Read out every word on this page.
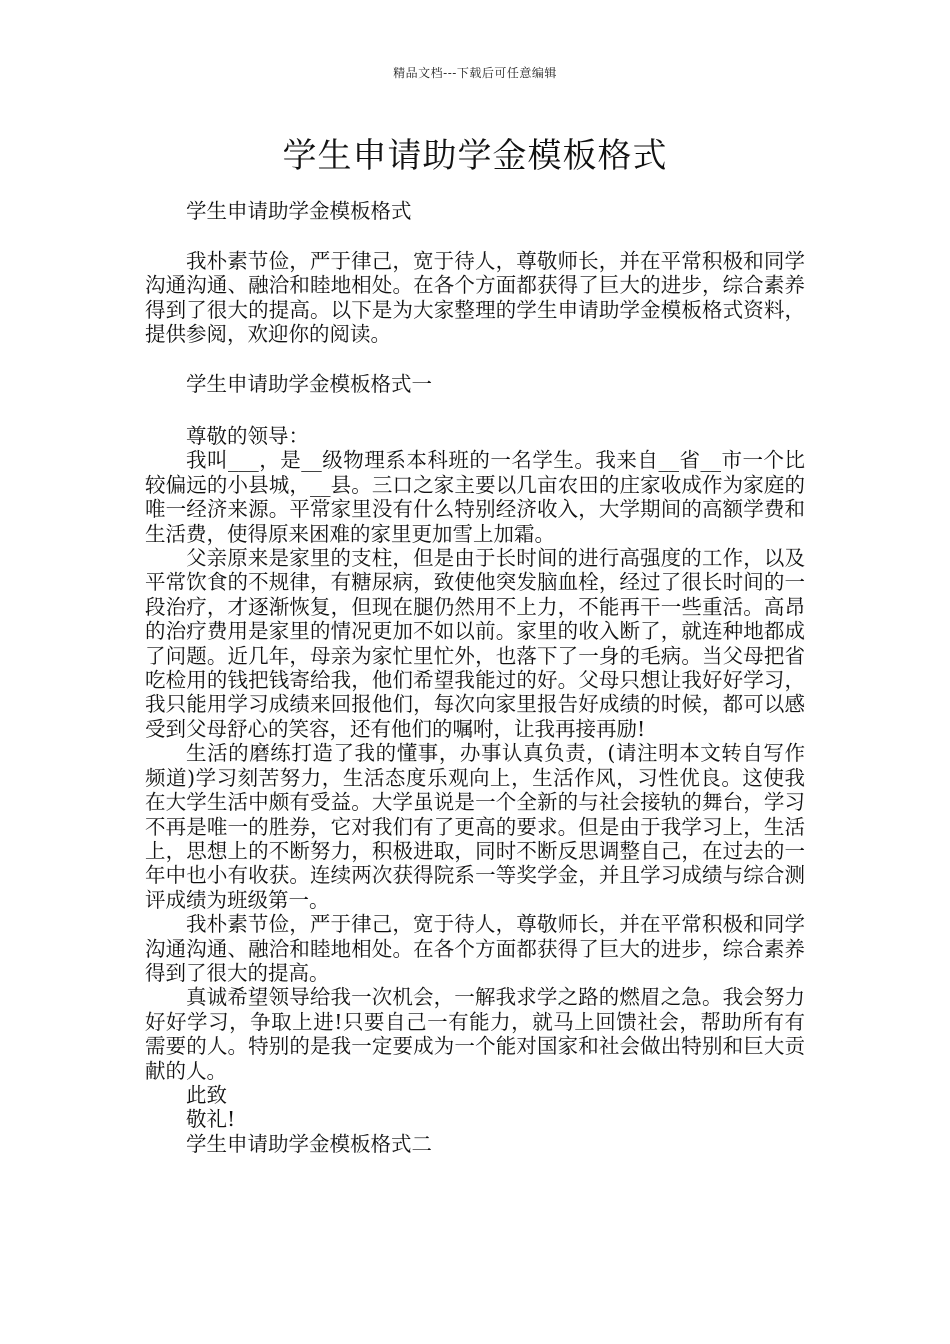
精品文档---下载后可任意编辑
学生申请助学金模板格式

学生申请助学金模板格式

我朴素节俭，严于律己，宽于待人，尊敬师长，并在平常积极和同学沟通沟通、融洽和睦地相处。在各个方面都获得了巨大的进步，综合素养得到了很大的提高。以下是为大家整理的学生申请助学金模板格式资料，提供参阅，欢迎你的阅读。

学生申请助学金模板格式一

尊敬的领导：

我叫___，是__级物理系本科班的一名学生。我来自__省__市一个比较偏远的小县城，__县。三口之家主要以几亩农田的庄家收成作为家庭的唯一经济来源。平常家里没有什么特别经济收入，大学期间的高额学费和生活费，使得原来困难的家里更加雪上加霜。

父亲原来是家里的支柱，但是由于长时间的进行高强度的工作，以及平常饮食的不规律，有糖尿病，致使他突发脑血栓，经过了很长时间的一段治疗，才逐渐恢复，但现在腿仍然用不上力，不能再干一些重活。高昂的治疗费用是家里的情况更加不如以前。家里的收入断了，就连种地都成了问题。近几年，母亲为家忙里忙外，也落下了一身的毛病。当父母把省吃检用的钱把钱寄给我，他们希望我能过的好。父母只想让我好好学习，我只能用学习成绩来回报他们，每次向家里报告好成绩的时候，都可以感受到父母舒心的笑容，还有他们的嘱咐，让我再接再励!

生活的磨练打造了我的懂事，办事认真负责，(请注明本文转自写作频道)学习刻苦努力，生活态度乐观向上，生活作风，习性优良。这使我在大学生活中颇有受益。大学虽说是一个全新的与社会接轨的舞台，学习不再是唯一的胜券，它对我们有了更高的要求。但是由于我学习上，生活上，思想上的不断努力，积极进取，同时不断反思调整自己，在过去的一年中也小有收获。连续两次获得院系一等奖学金，并且学习成绩与综合测评成绩为班级第一。

我朴素节俭，严于律己，宽于待人，尊敬师长，并在平常积极和同学沟通沟通、融洽和睦地相处。在各个方面都获得了巨大的进步，综合素养得到了很大的提高。

真诚希望领导给我一次机会，一解我求学之路的燃眉之急。我会努力好好学习，争取上进!只要自己一有能力，就马上回馈社会，帮助所有有需要的人。特别的是我一定要成为一个能对国家和社会做出特别和巨大贡献的人。

此致

敬礼!

学生申请助学金模板格式二
